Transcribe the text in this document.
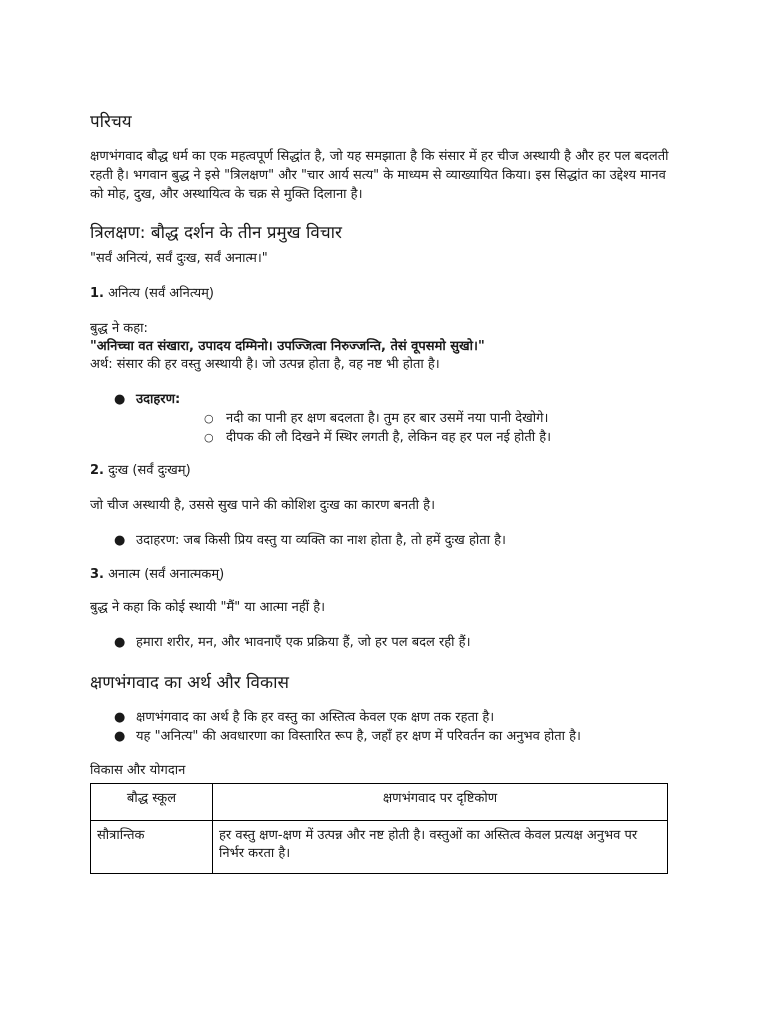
परिचय

क्षणभंगवाद बौद्ध धर्म का एक महत्वपूर्ण सिद्धांत है, जो यह समझाता है कि संसार में हर चीज अस्थायी है और हर पल बदलती रहती है। भगवान बुद्ध ने इसे "त्रिलक्षण" और "चार आर्य सत्य" के माध्यम से व्याख्यायित किया। इस सिद्धांत का उद्देश्य मानव को मोह, दुख, और अस्थायित्व के चक्र से मुक्ति दिलाना है।

त्रिलक्षण: बौद्ध दर्शन के तीन प्रमुख विचार

"सर्वं अनित्यं, सर्वं दुःख, सर्वं अनात्म।"

1. अनित्य (सर्वं अनित्यम्)

बुद्ध ने कहा:
"अनिच्चा वत संखारा, उपादय दम्मिनो। उपज्जित्वा निरुज्जन्ति, तेसं वूपसमो सुखो।"
अर्थ: संसार की हर वस्तु अस्थायी है। जो उत्पन्न होता है, वह नष्ट भी होता है।
● उदाहरण:
○ नदी का पानी हर क्षण बदलता है। तुम हर बार उसमें नया पानी देखोगे।
○ दीपक की लौ दिखने में स्थिर लगती है, लेकिन वह हर पल नई होती है।

2. दुःख (सर्वं दुःखम्)

जो चीज अस्थायी है, उससे सुख पाने की कोशिश दुःख का कारण बनती है।

● उदाहरण: जब किसी प्रिय वस्तु या व्यक्ति का नाश होता है, तो हमें दुःख होता है।

3. अनात्म (सर्वं अनात्मकम्)

बुद्ध ने कहा कि कोई स्थायी "मैं" या आत्मा नहीं है।

● हमारा शरीर, मन, और भावनाएँ एक प्रक्रिया हैं, जो हर पल बदल रही हैं।
क्षणभंगवाद का अर्थ और विकास
● क्षणभंगवाद का अर्थ है कि हर वस्तु का अस्तित्व केवल एक क्षण तक रहता है।
● यह "अनित्य" की अवधारणा का विस्तारित रूप है, जहाँ हर क्षण में परिवर्तन का अनुभव होता है।

विकास और योगदान

बौद्ध स्कूल	क्षणभंगवाद पर दृष्टिकोण
सौत्रान्तिक	हर वस्तु क्षण-क्षण में उत्पन्न और नष्ट होती है। वस्तुओं का अस्तित्व केवल प्रत्यक्ष अनुभव पर निर्भर करता है।
